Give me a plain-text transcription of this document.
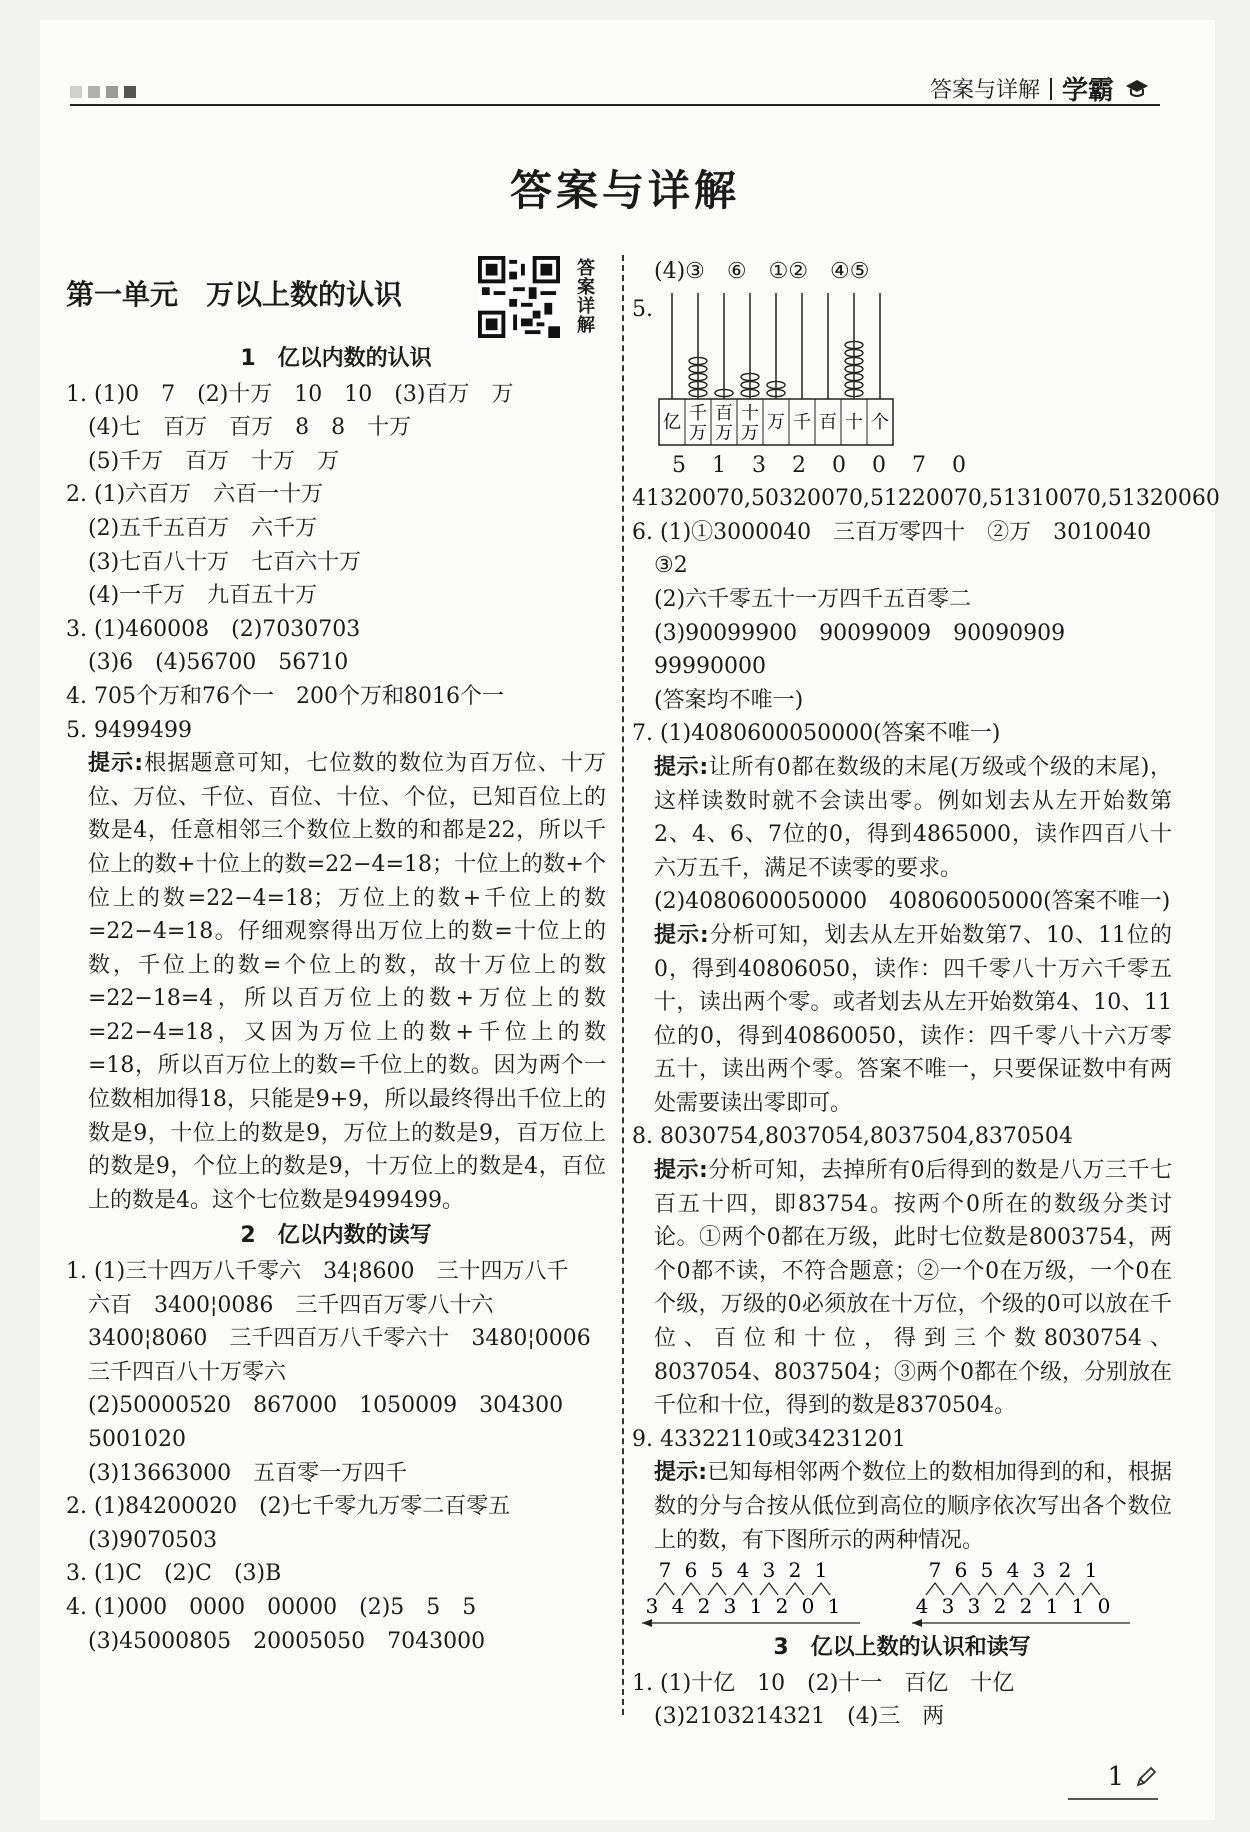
答案与详解 学霸
答案与详解
第一单元　万以上数的认识	答案详解
1　亿以内数的认识
1. (1)0　7　(2)十万　10　10　(3)百万　万
(4)七　百万　百万　8　8　十万
(5)千万　百万　十万　万
2. (1)六百万　六百一十万
(2)五千五百万　六千万
(3)七百八十万　七百六十万
(4)一千万　九百五十万
3. (1)460008　(2)7030703
(3)6　(4)56700　56710
4. 705个万和76个一　200个万和8016个一
5. 9499499
提示:根据题意可知，七位数的数位为百万位、十万位、万位、千位、百位、十位、个位，已知百位上的数是4，任意相邻三个数位上数的和都是22，所以千位上的数+十位上的数=22−4=18；十位上的数+个位上的数=22−4=18；万位上的数+千位上的数=22−4=18。仔细观察得出万位上的数=十位上的数，千位上的数=个位上的数，故十万位上的数=22−18=4，所以百万位上的数+万位上的数=22−4=18，又因为万位上的数+千位上的数=18，所以百万位上的数=千位上的数。因为两个一位数相加得18，只能是9+9，所以最终得出千位上的数是9，十位上的数是9，万位上的数是9，百万位上的数是9，个位上的数是9，十万位上的数是4，百位上的数是4。这个七位数是9499499。
2　亿以内数的读写
1. (1)三十四万八千零六　34¦8600　三十四万八千
六百　3400¦0086　三千四百万零八十六
3400¦8060　三千四百万八千零六十　3480¦0006
三千四百八十万零六
(2)50000520　867000　1050009　304300
5001020
(3)13663000　五百零一万四千
2. (1)84200020　(2)七千零九万零二百零五
(3)9070503
3. (1)C　(2)C　(3)B
4. (1)000　0000　00000　(2)5　5　5
(3)45000805　20005050　7043000
(4)③　⑥　①②　④⑤
5.
亿 千
万
百
万
十
万
万 千 百 十 个
5　1　3　2　0　0　7　0
41320070,50320070,51220070,51310070,51320060
6. (1)①3000040　三百万零四十　②万　3010040
③2
(2)六千零五十一万四千五百零二
(3)90099900　90099009　90090909　99990000
(答案均不唯一)
7. (1)4080600050000(答案不唯一)
提示:让所有0都在数级的末尾(万级或个级的末尾)，这样读数时就不会读出零。例如划去从左开始数第2、4、6、7位的0，得到4865000，读作四百八十六万五千，满足不读零的要求。
(2)4080600050000　40806005000(答案不唯一)
提示:分析可知，划去从左开始数第7、10、11位的0，得到40806050，读作：四千零八十万六千零五十，读出两个零。或者划去从左开始数第4、10、11位的0，得到40860050，读作：四千零八十六万零五十，读出两个零。答案不唯一，只要保证数中有两处需要读出零即可。
8. 8030754,8037054,8037504,8370504
提示:分析可知，去掉所有0后得到的数是八万三千七百五十四，即83754。按两个0所在的数级分类讨论。①两个0都在万级，此时七位数是8003754，两个0都不读，不符合题意；②一个0在万级，一个0在个级，万级的0必须放在十万位，个级的0可以放在千位、百位和十位，得到三个数8030754、8037054、8037504；③两个0都在个级，分别放在千位和十位，得到的数是8370504。
9. 43322110或34231201
提示:已知每相邻两个数位上的数相加得到的和，根据数的分与合按从低位到高位的顺序依次写出各个数位上的数，有下图所示的两种情况。
7 6 5 4 3 2 1
3 4 2 3 1 2 0 1
7 6 5 4 3 2 1
4 3 3 2 2 1 1 0
3　亿以上数的认识和读写
1. (1)十亿　10　(2)十一　百亿　十亿
(3)2103214321　(4)三　两
1
